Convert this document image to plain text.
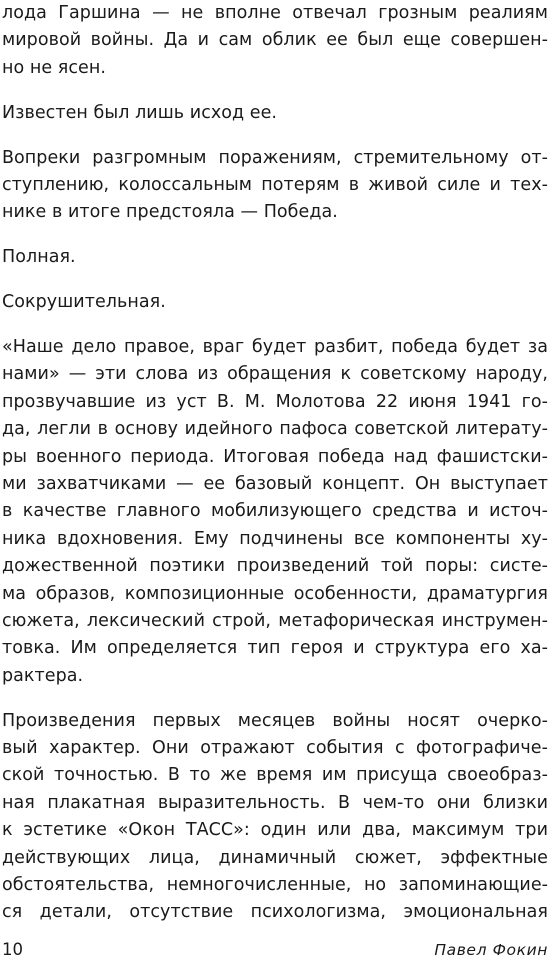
лода Гаршина — не вполне отвечал грозным реалиям
мировой войны. Да и сам облик ее был еще совершен-
но не ясен.
Известен был лишь исход ее.
Вопреки разгромным поражениям, стремительному от-
ступлению, колоссальным потерям в живой силе и тех-
нике в итоге предстояла — Победа.
Полная.
Сокрушительная.
«Наше дело правое, враг будет разбит, победа будет за
нами» — эти слова из обращения к советскому народу,
прозвучавшие из уст В. М. Молотова 22 июня 1941 го-
да, легли в основу идейного пафоса советской литерату-
ры военного периода. Итоговая победа над фашистски-
ми захватчиками — ее базовый концепт. Он выступает
в качестве главного мобилизующего средства и источ-
ника вдохновения. Ему подчинены все компоненты ху-
дожественной поэтики произведений той поры: систе-
ма образов, композиционные особенности, драматургия
сюжета, лексический строй, метафорическая инструмен-
товка. Им определяется тип героя и структура его ха-
рактера.
Произведения первых месяцев войны носят очерко-
вый характер. Они отражают события с фотографиче-
ской точностью. В то же время им присуща своеобраз-
ная плакатная выразительность. В чем-то они близки
к эстетике «Окон ТАСС»: один или два, максимум три
действующих лица, динамичный сюжет, эффектные
обстоятельства, немногочисленные, но запоминающие-
ся детали, отсутствие психологизма, эмоциональная
10	Павел Фокин
